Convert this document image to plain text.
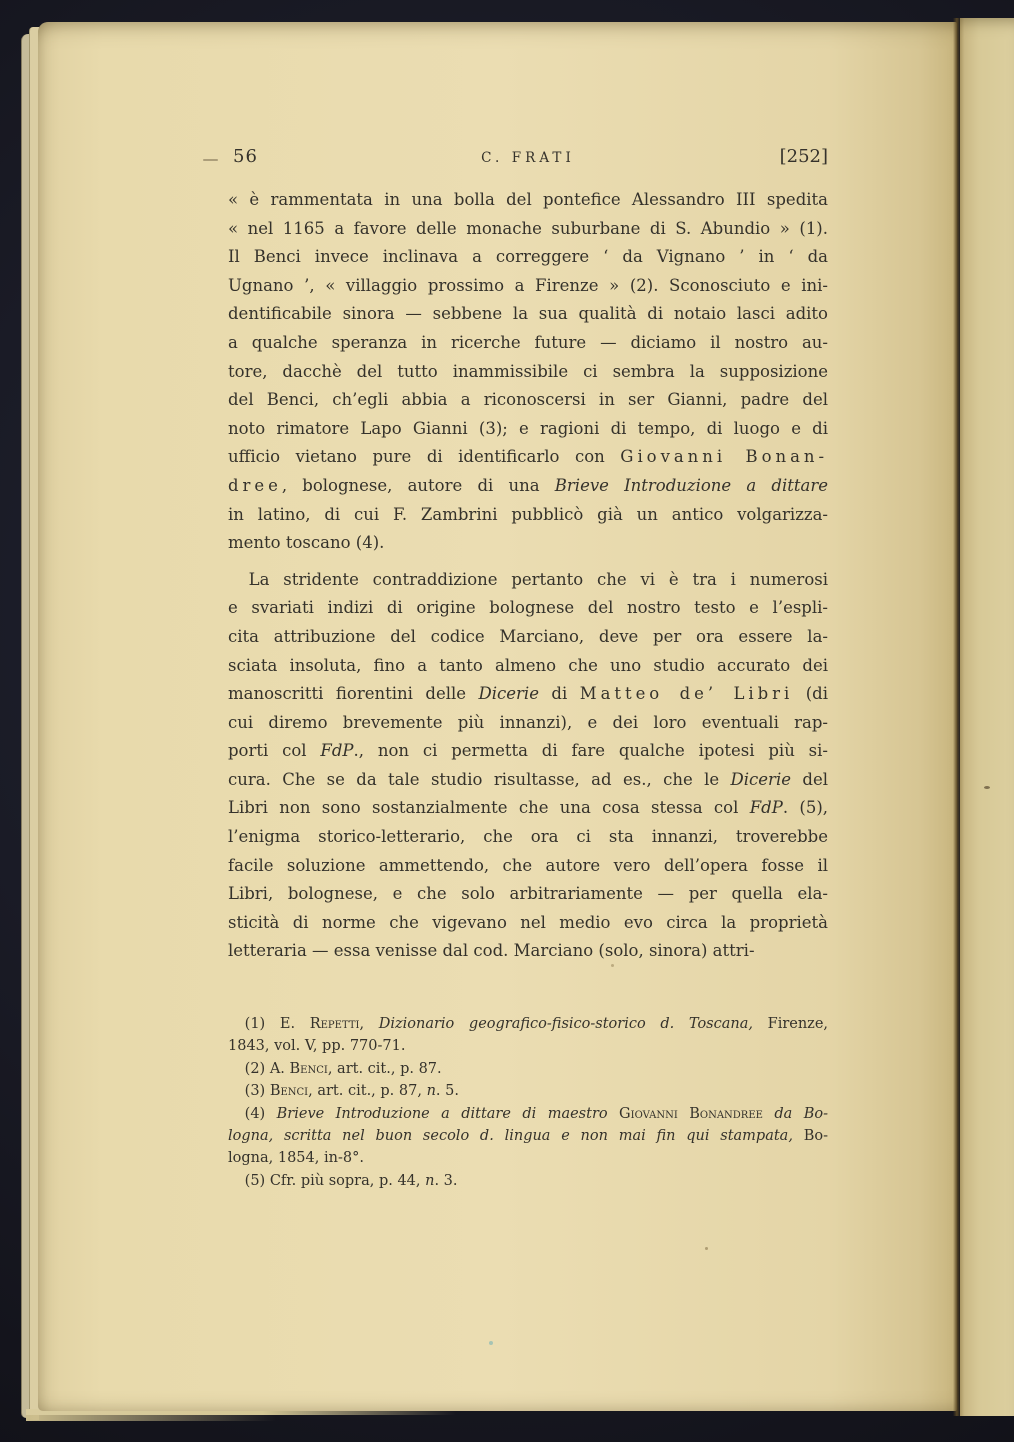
56	C. FRATI	[252]
« è rammentata in una bolla del pontefice Alessandro III spedita
« nel 1165 a favore delle monache suburbane di S. Abundio » (1).
Il Benci invece inclinava a correggere ‘ da Vignano ’ in ‘ da
Ugnano ’, « villaggio prossimo a Firenze » (2). Sconosciuto e ini-
dentificabile sinora — sebbene la sua qualità di notaio lasci adito
a qualche speranza in ricerche future — diciamo il nostro au-
tore, dacchè del tutto inammissibile ci sembra la supposizione
del Benci, ch’egli abbia a riconoscersi in ser Gianni, padre del
noto rimatore Lapo Gianni (3); e ragioni di tempo, di luogo e di
ufficio vietano pure di identificarlo con Giovanni Bonan-
dree, bolognese, autore di una Brieve Introduzione a dittare
in latino, di cui F. Zambrini pubblicò già un antico volgarizza-
mento toscano (4).
La stridente contraddizione pertanto che vi è tra i numerosi
e svariati indizi di origine bolognese del nostro testo e l’espli-
cita attribuzione del codice Marciano, deve per ora essere la-
sciata insoluta, fino a tanto almeno che uno studio accurato dei
manoscritti fiorentini delle Dicerie di Matteo de’ Libri (di
cui diremo brevemente più innanzi), e dei loro eventuali rap-
porti col FdP., non ci permetta di fare qualche ipotesi più si-
cura. Che se da tale studio risultasse, ad es., che le Dicerie del
Libri non sono sostanzialmente che una cosa stessa col FdP. (5),
l’enigma storico-letterario, che ora ci sta innanzi, troverebbe
facile soluzione ammettendo, che autore vero dell’opera fosse il
Libri, bolognese, e che solo arbitrariamente — per quella ela-
sticità di norme che vigevano nel medio evo circa la proprietà
letteraria — essa venisse dal cod. Marciano (solo, sinora) attri-
(1) E. Repetti, Dizionario geografico-fisico-storico d. Toscana, Firenze,
1843, vol. V, pp. 770-71.
(2) A. Benci, art. cit., p. 87.
(3) Benci, art. cit., p. 87, n. 5.
(4) Brieve Introduzione a dittare di maestro Giovanni Bonandree da Bo-
logna, scritta nel buon secolo d. lingua e non mai fin qui stampata, Bo-
logna, 1854, in-8°.
(5) Cfr. più sopra, p. 44, n. 3.
